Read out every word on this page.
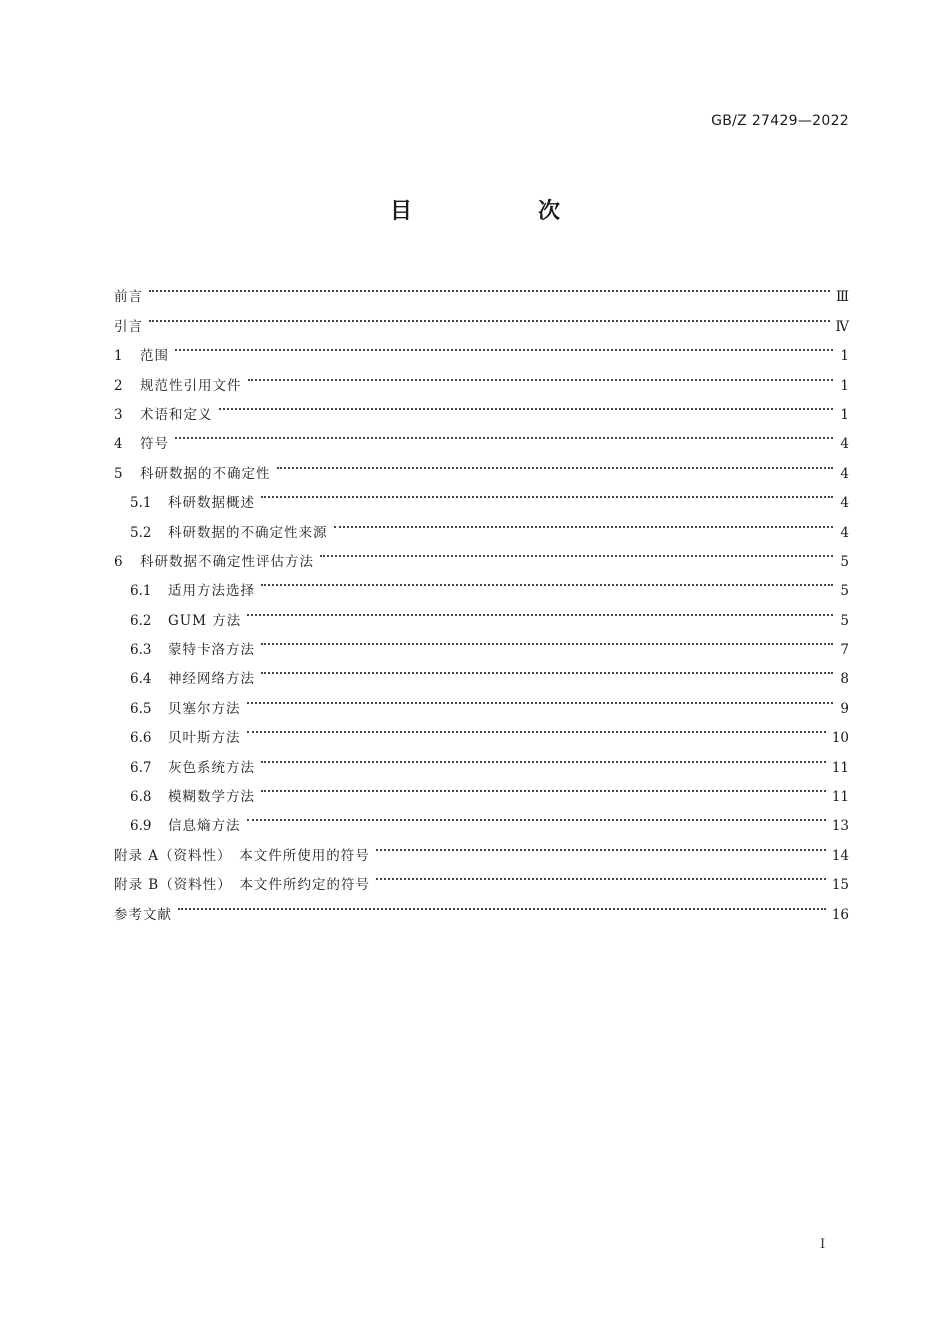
GB/Z 27429—2022
目　次
前言	Ⅲ
引言	Ⅳ
1	范围	1
2	规范性引用文件	1
3	术语和定义	1
4	符号	4
5	科研数据的不确定性	4
5.1	科研数据概述	4
5.2	科研数据的不确定性来源	4
6	科研数据不确定性评估方法	5
6.1	适用方法选择	5
6.2	GUM 方法	5
6.3	蒙特卡洛方法	7
6.4	神经网络方法	8
6.5	贝塞尔方法	9
6.6	贝叶斯方法	10
6.7	灰色系统方法	11
6.8	模糊数学方法	11
6.9	信息熵方法	13
附录 A（资料性）　本文件所使用的符号	14
附录 B（资料性）　本文件所约定的符号	15
参考文献	16
I
